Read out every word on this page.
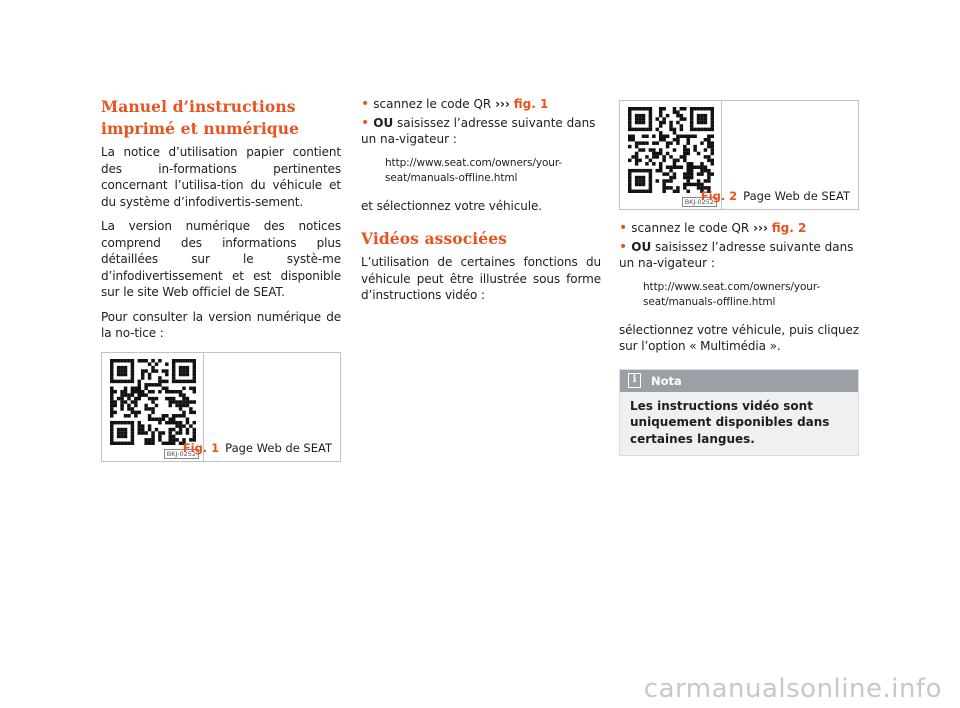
Manuel d’instructions imprimé et numérique

La notice d’utilisation papier contient des in-formations pertinentes concernant l’utilisa-tion du véhicule et du système d’infodivertis-sement.

La version numérique des notices comprend des informations plus détaillées sur le systè-me d’infodivertissement et est disponible sur le site Web officiel de SEAT.

Pour consulter la version numérique de la no-tice :

BKJ-0252
Fig. 1 Page Web de SEAT
• scannez le code QR ››› fig. 1
• OU saisissez l’adresse suivante dans un na-vigateur :
http://www.seat.com/owners/your-seat/manuals-offline.html

et sélectionnez votre véhicule.

Vidéos associées

L’utilisation de certaines fonctions du véhicule peut être illustrée sous forme d’instructions vidéo :

BKJ-0252
Fig. 2 Page Web de SEAT
• scannez le code QR ››› fig. 2
• OU saisissez l’adresse suivante dans un na-vigateur :
http://www.seat.com/owners/your-seat/manuals-offline.html

sélectionnez votre véhicule, puis cliquez sur l’option « Multimédia ».

i	Nota
Les instructions vidéo sont uniquement disponibles dans certaines langues.
carmanualsonline.info
